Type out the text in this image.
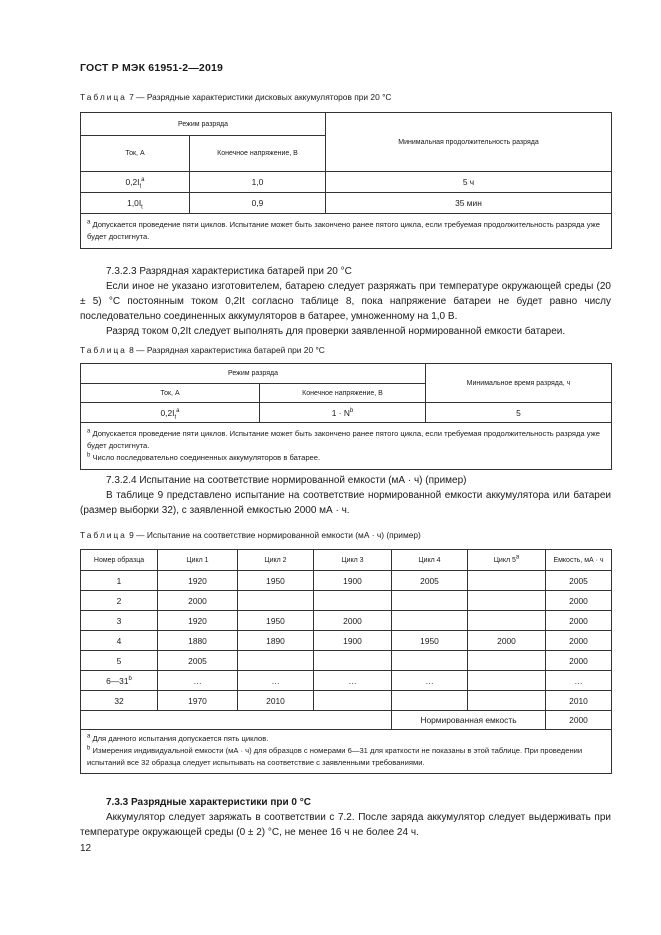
ГОСТ Р МЭК 61951-2—2019
Таблица 7 — Разрядные характеристики дисковых аккумуляторов при 20 °С
Режим разряда		Минимальная продолжительность разряда
Ток, А	Конечное напряжение, В	
$0,2I_t^a$	1,0	5 ч
$1,0I_t$	0,9	35 мин
$^a$ Допускается проведение пяти циклов. Испытание может быть закончено ранее пятого цикла, если требуемая продолжительность разряда уже будет достигнута.		
7.3.2.3 Разрядная характеристика батарей при 20 °С
Если иное не указано изготовителем, батарею следует разряжать при температуре окружающей среды (20 ± 5) °С постоянным током 0,2It согласно таблице 8, пока напряжение батареи не будет равно числу последовательно соединенных аккумуляторов в батарее, умноженному на 1,0 В.
Разряд током 0,2It следует выполнять для проверки заявленной нормированной емкости батареи.
Таблица 8 — Разрядная характеристика батарей при 20 °С
Режим разряда		Минимальное время разряда, ч
Ток, А	Конечное напряжение, В	
$0,2I_t^a$	$1 \cdot N^b$	5

$^a$ Допускается проведение пяти циклов. Испытание может быть закончено ранее пятого цикла, если требуемая продолжительность разряда уже будет достигнута.
$^b$ Число последовательно соединенных аккумуляторов в батарее.		
7.3.2.4 Испытание на соответствие нормированной емкости (мА · ч) (пример)
В таблице 9 представлено испытание на соответствие нормированной емкости аккумулятора или батареи (размер выборки 32), с заявленной емкостью 2000 мА · ч.
Таблица 9 — Испытание на соответствие нормированной емкости (мА · ч) (пример)
Номер образца	Цикл 1	Цикл 2	Цикл 3	Цикл 4	Цикл 5$^a$	Емкость, мА · ч
1	1920	1950	1900	2005		2005
2	2000					2000
3	1920	1950	2000			2000
4	1880	1890	1900	1950	2000	2000
5	2005					2000
6—31$^b$	…	…	…	…		…
32	1970	2010				2010
				Нормированная емкость		2000

$^a$ Для данного испытания допускается пять циклов.
$^b$ Измерения индивидуальной емкости (мА · ч) для образцов с номерами 6—31 для краткости не показаны в этой таблице. При проведении испытаний все 32 образца следует испытывать на соответствие с заявленными требованиями.						
7.3.3 Разрядные характеристики при 0 °С
Аккумулятор следует заряжать в соответствии с 7.2. После заряда аккумулятор следует выдерживать при температуре окружающей среды (0 ± 2) °С, не менее 16 ч не более 24 ч.
12
